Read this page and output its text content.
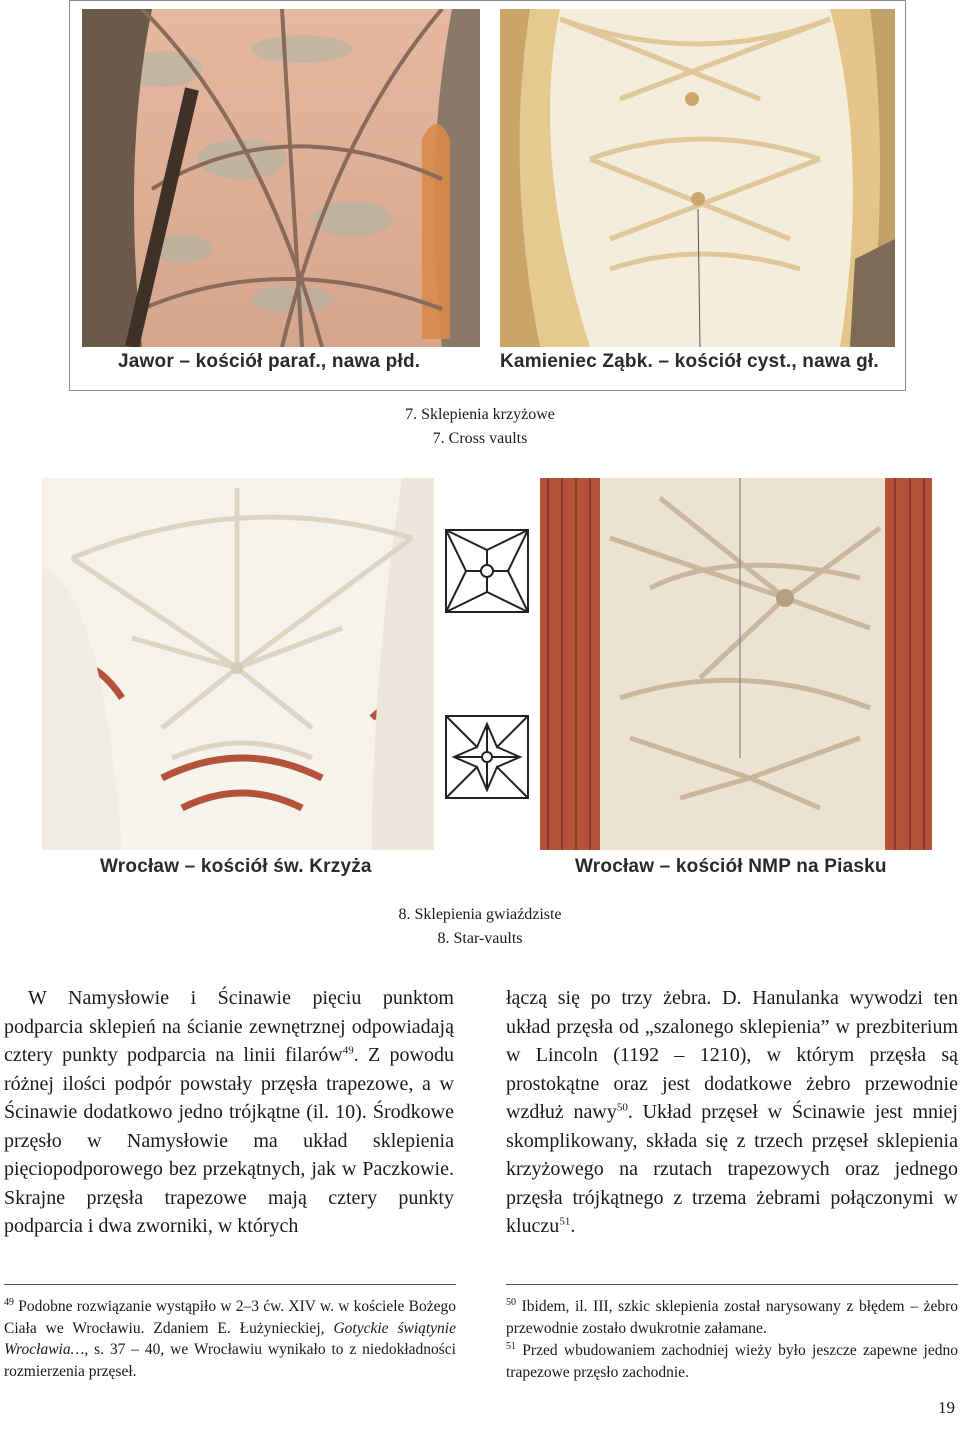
Jawor – kościół paraf., nawa płd.	Kamieniec Ząbk. – kościół cyst., nawa gł.
7. Sklepienia krzyżowe
7. Cross vaults
Wrocław – kościół św. Krzyża	Wrocław – kościół NMP na Piasku
8. Sklepienia gwiaździste
8. Star-vaults

W Namysłowie i Ścinawie pięciu punktom podparcia sklepień na ścianie zewnętrznej odpowiadają cztery punkty podparcia na linii filarów$^{49}$. Z powodu różnej ilości podpór powstały przęsła trapezowe, a w Ścinawie dodatkowo jedno trójkątne (il. 10). Środkowe przęsło w Namysłowie ma układ sklepienia pięciopodporowego bez przekątnych, jak w Paczkowie. Skrajne przęsła trapezowe mają cztery punkty podparcia i dwa zworniki, w których

łączą się po trzy żebra. D. Hanulanka wywodzi ten układ przęsła od „szalonego sklepienia” w prezbiterium w Lincoln (1192 – 1210), w którym przęsła są prostokątne oraz jest dodatkowe żebro przewodnie wzdłuż nawy$^{50}$. Układ przęseł w Ścinawie jest mniej skomplikowany, składa się z trzech przęseł sklepienia krzyżowego na rzutach trapezowych oraz jednego przęsła trójkątnego z trzema żebrami połączonymi w kluczu$^{51}$.

$^{49}$ Podobne rozwiązanie wystąpiło w 2–3 ćw. XIV w. w kościele Bożego Ciała we Wrocławiu. Zdaniem E. Łużynieckiej, Gotyckie świątynie Wrocławia…, s. 37 – 40, we Wrocławiu wynikało to z niedokładności rozmierzenia przęseł.

$^{50}$ Ibidem, il. III, szkic sklepienia został narysowany z błędem – żebro przewodnie zostało dwukrotnie załamane.

$^{51}$ Przed wbudowaniem zachodniej wieży było jeszcze zapewne jedno trapezowe przęsło zachodnie.

19
